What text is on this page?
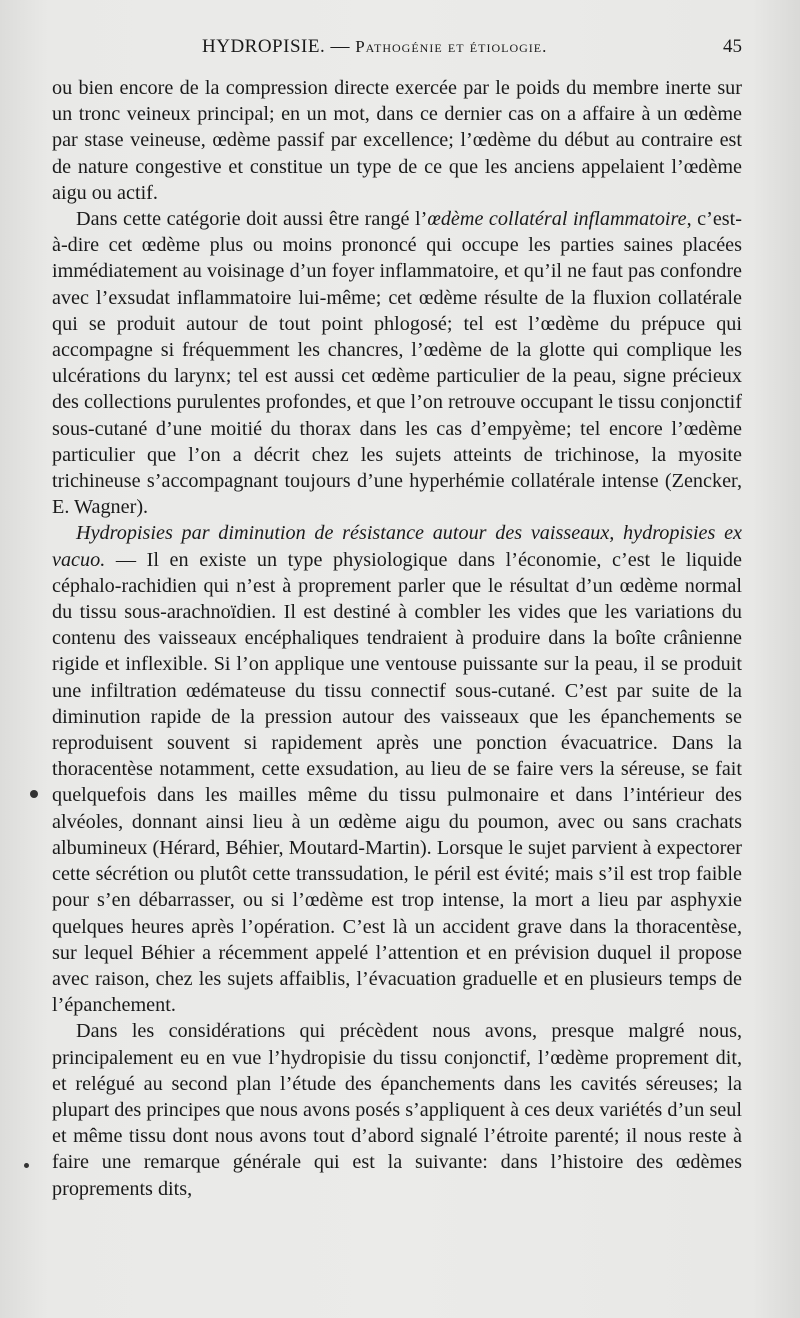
HYDROPISIE. — Pathogénie et étiologie.	45

ou bien encore de la compression directe exercée par le poids du membre inerte sur un tronc veineux principal; en un mot, dans ce dernier cas on a affaire à un œdème par stase veineuse, œdème passif par excellence; l’œdème du début au contraire est de nature congestive et constitue un type de ce que les anciens appelaient l’œdème aigu ou actif.

Dans cette catégorie doit aussi être rangé l’œdème collatéral inflammatoire, c’est-à-dire cet œdème plus ou moins prononcé qui occupe les parties saines placées immédiatement au voisinage d’un foyer inflammatoire, et qu’il ne faut pas confondre avec l’exsudat inflammatoire lui-même; cet œdème résulte de la fluxion collatérale qui se produit autour de tout point phlogosé; tel est l’œdème du prépuce qui accompagne si fréquemment les chancres, l’œdème de la glotte qui complique les ulcérations du larynx; tel est aussi cet œdème particulier de la peau, signe précieux des collections purulentes profondes, et que l’on retrouve occupant le tissu conjonctif sous-cutané d’une moitié du thorax dans les cas d’empyème; tel encore l’œdème particulier que l’on a décrit chez les sujets atteints de trichinose, la myosite trichineuse s’accompagnant toujours d’une hyperhémie collatérale intense (Zencker, E. Wagner).

Hydropisies par diminution de résistance autour des vaisseaux, hydropisies ex vacuo. — Il en existe un type physiologique dans l’économie, c’est le liquide céphalo-rachidien qui n’est à proprement parler que le résultat d’un œdème normal du tissu sous-arachnoïdien. Il est destiné à combler les vides que les variations du contenu des vaisseaux encéphaliques tendraient à produire dans la boîte crânienne rigide et inflexible. Si l’on applique une ventouse puissante sur la peau, il se produit une infiltration œdémateuse du tissu connectif sous-cutané. C’est par suite de la diminution rapide de la pression autour des vaisseaux que les épanchements se reproduisent souvent si rapidement après une ponction évacuatrice. Dans la thoracentèse notamment, cette exsudation, au lieu de se faire vers la séreuse, se fait quelquefois dans les mailles même du tissu pulmonaire et dans l’intérieur des alvéoles, donnant ainsi lieu à un œdème aigu du poumon, avec ou sans crachats albumineux (Hérard, Béhier, Moutard-Martin). Lorsque le sujet parvient à expectorer cette sécrétion ou plutôt cette transsudation, le péril est évité; mais s’il est trop faible pour s’en débarrasser, ou si l’œdème est trop intense, la mort a lieu par asphyxie quelques heures après l’opération. C’est là un accident grave dans la thoracentèse, sur lequel Béhier a récemment appelé l’attention et en prévision duquel il propose avec raison, chez les sujets affaiblis, l’évacuation graduelle et en plusieurs temps de l’épanchement.

Dans les considérations qui précèdent nous avons, presque malgré nous, principalement eu en vue l’hydropisie du tissu conjonctif, l’œdème proprement dit, et relégué au second plan l’étude des épanchements dans les cavités séreuses; la plupart des principes que nous avons posés s’appliquent à ces deux variétés d’un seul et même tissu dont nous avons tout d’abord signalé l’étroite parenté; il nous reste à faire une remarque générale qui est la suivante: dans l’histoire des œdèmes proprements dits,
